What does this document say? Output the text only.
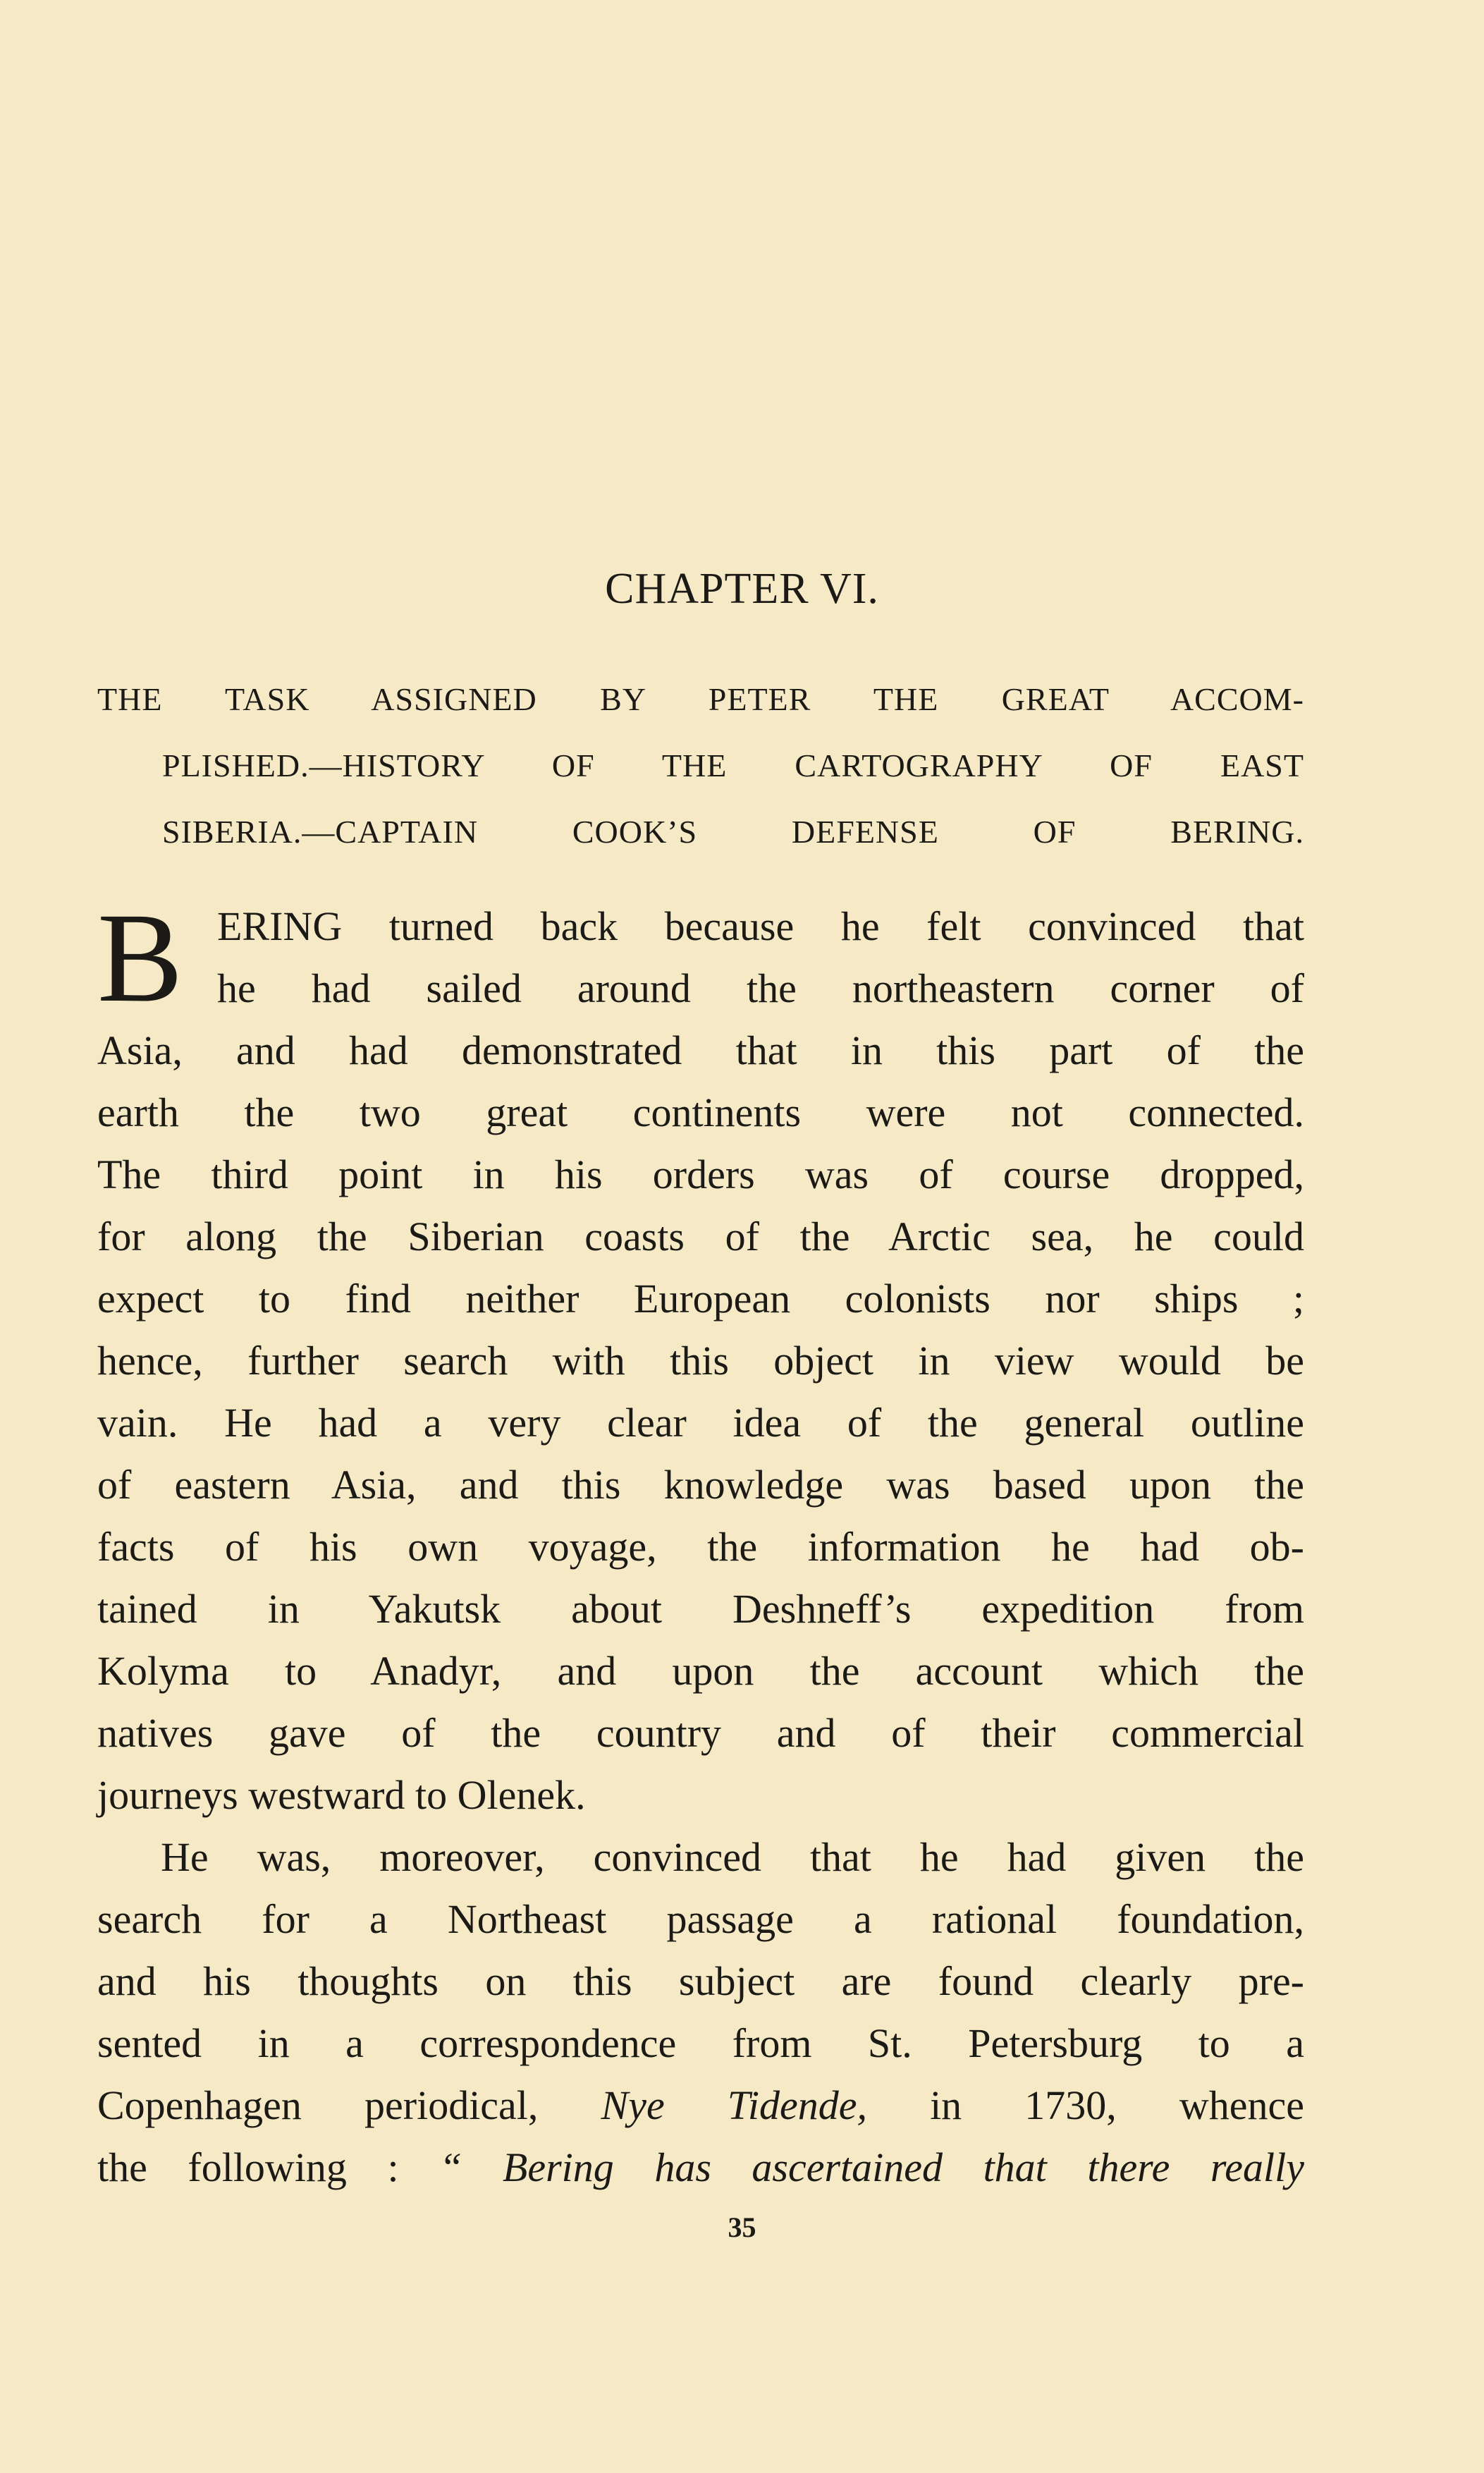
CHAPTER VI.
THE TASK ASSIGNED BY PETER THE GREAT ACCOM-
PLISHED.—HISTORY OF THE CARTOGRAPHY OF EAST
SIBERIA.—CAPTAIN COOK’S DEFENSE OF BERING.
B ERING turned back because he felt convinced that
he had sailed around the northeastern corner of
Asia, and had demonstrated that in this part of the
earth the two great continents were not connected.
The third point in his orders was of course dropped,
for along the Siberian coasts of the Arctic sea, he could
expect to find neither European colonists nor ships ;
hence, further search with this object in view would be
vain. He had a very clear idea of the general outline
of eastern Asia, and this knowledge was based upon the
facts of his own voyage, the information he had ob-
tained in Yakutsk about Deshneff’s expedition from
Kolyma to Anadyr, and upon the account which the
natives gave of the country and of their commercial
journeys westward to Olenek.
He was, moreover, convinced that he had given the
search for a Northeast passage a rational foundation,
and his thoughts on this subject are found clearly pre-
sented in a correspondence from St. Petersburg to a
Copenhagen periodical, Nye Tidende, in 1730, whence
the following : “ Bering has ascertained that there really
35
